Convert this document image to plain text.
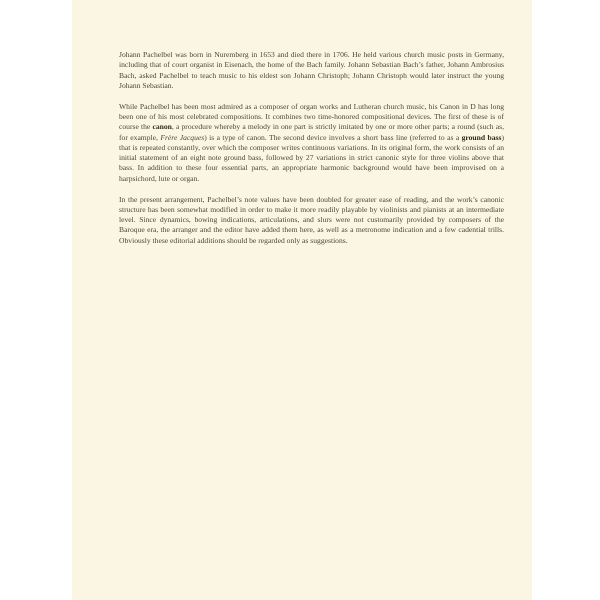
Johann Pachelbel was born in Nuremberg in 1653 and died there in 1706. He held various church music posts in Germany, including that of court organist in Eisenach, the home of the Bach family. Johann Sebastian Bach’s father, Johann Ambrosius Bach, asked Pachelbel to teach music to his eldest son Johann Christoph; Johann Christoph would later instruct the young Johann Sebastian.

While Pachelbel has been most admired as a composer of organ works and Lutheran church music, his Canon in D has long been one of his most celebrated compositions. It combines two time-honored compositional devices. The first of these is of course the canon, a procedure whereby a melody in one part is strictly imitated by one or more other parts; a round (such as, for example, Frère Jacques) is a type of canon. The second device involves a short bass line (referred to as a ground bass) that is repeated constantly, over which the composer writes continuous variations. In its original form, the work consists of an initial statement of an eight note ground bass, followed by 27 variations in strict canonic style for three violins above that bass. In addition to these four essential parts, an appropriate harmonic background would have been improvised on a harpsichord, lute or organ.

In the present arrangement, Pachelbel’s note values have been doubled for greater ease of reading, and the work’s canonic structure has been somewhat modified in order to make it more readily playable by violinists and pianists at an intermediate level. Since dynamics, bowing indications, articulations, and slurs were not customarily provided by composers of the Baroque era, the arranger and the editor have added them here, as well as a metronome indication and a few cadential trills. Obviously these editorial additions should be regarded only as suggestions.
